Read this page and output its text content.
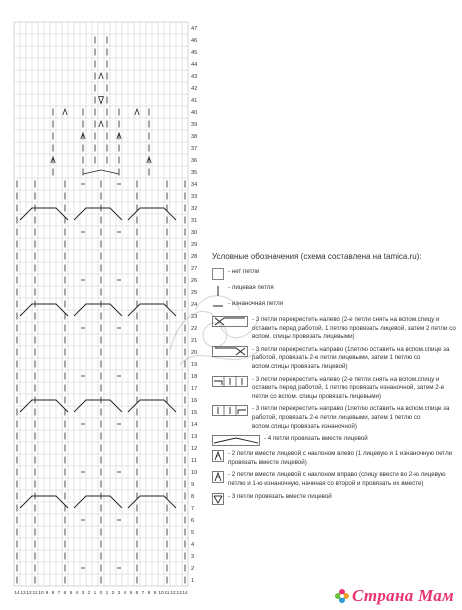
1
2
3
4
5
6
7
8
9
10
11
12
13
14
15
16
17
18
19
20
21
22
23
24
25
26
27
28
29
30
31
32
33
34
35
36
37
38
39
40
41
42
43
44
45
46
47
14 13 12 11 10 9 8 7 6 5 4 3 2 1 0 1 2 3 4 5 6 7 8 9 10 11 12 13 14
Условные обозначения (схема составлена на tamica.ru):
- нет петли
- лицевая петля
- изнаночная петля
- 3 петли перекрестить налево (2-е петли снять на вспом.спицу и оставить перед работой, 1 петлю провязать лицевой, затем 2 петли со вспом. спицы провязать лицевыми)
- 3 петли перекрестить направо (1петлю оставить на вспом.спице за работой, провязать 2-е петли лицевыми, затем 1 петлю со вспом.спицы провязать лицевой)
- 3 петли перекрестить налево (2-е петли снять на вспом.спицу и оставить перед работой, 1 петлю провязать изнаночной, затем 2-е петли со вспом. спицы провязать лицевыми)
- 3 петли перекрестить направо (1петлю оставить на вспом.спице за работой, провязать 2-е петли лицевыми, затем 1 петлю со вспом.спицы провязать изнаночной)
- 4 петли провязать вместе лицевой
- 2 петли вместе лицевой с наклоном влево (1 лицевую и 1 изнаночную петли провязать вместе лицевой)
- 2 петли вместе лицевой с наклоном вправо (спицу ввести во 2-ю лицевую петлю и 1-ю изнаночную, начиная со второй и провязать их вместе)
- 3 петли провязать вместе лицевой
Страна Мам
